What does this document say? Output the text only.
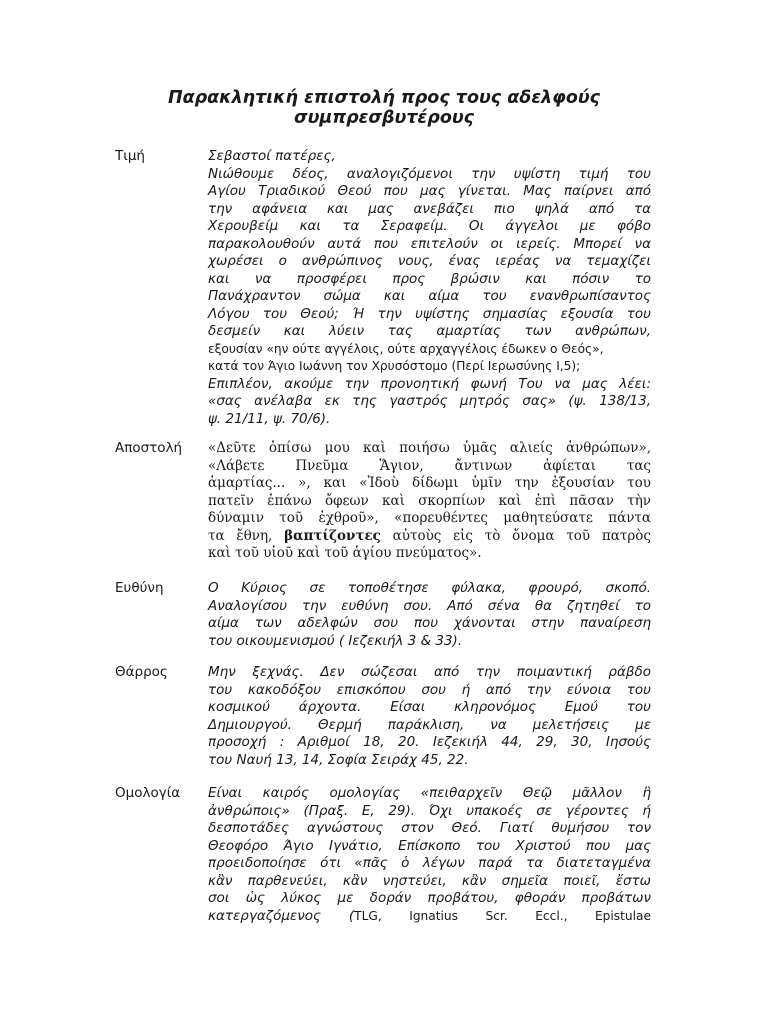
Παρακλητική επιστολή προς τους αδελφούς
συμπρεσβυτέρους
Τιμή	Σεβαστοί πατέρες,
Νιώθουμε δέος, αναλογιζόμενοι την υψίστη τιμή του
Αγίου Τριαδικού Θεού που μας γίνεται. Μας παίρνει από
την αφάνεια και μας ανεβάζει πιο ψηλά από τα
Χερουβείμ και τα Σεραφείμ. Οι άγγελοι με φόβο
παρακολουθούν αυτά που επιτελούν οι ιερείς. Μπορεί να
χωρέσει ο ανθρώπινος νους, ένας ιερέας να τεμαχίζει
και να προσφέρει προς βρώσιν και πόσιν το
Πανάχραντον σώμα και αίμα του ενανθρωπίσαντος
Λόγου του Θεού; Ή την υψίστης σημασίας εξουσία του
δεσμείν και λύειν τας αμαρτίας των ανθρώπων,
εξουσίαν «ην ούτε αγγέλοις, ούτε αρχαγγέλοις έδωκεν ο Θεός»,
κατά τον Άγιο Ιωάννη τον Χρυσόστομο (Περί Ιερωσύνης Ι,5);
Επιπλέον, ακούμε την προνοητική φωνή Του να μας λέει:
«σας ανέλαβα εκ της γαστρός μητρός σας» (ψ. 138/13,
ψ. 21/11, ψ. 70/6).
Αποστολή «Δεῦτε ὀπίσω μου καὶ ποιήσω ὑμᾶς αλιείς ἀνθρώπων»,
«Λάβετε Πνεῦμα Ἅγιον, ἄντινων ἀφίεται τας
ἁμαρτίας... », και «Ἰδοὺ δίδωμι ὑμῖν την ἐξουσίαν του
πατεῖν ἐπάνω ὄφεων καὶ σκορπίων καὶ ἐπὶ πᾶσαν τὴν
δύναμιν τοῦ ἐχθροῦ», «πορευθέντες μαθητεύσατε πάντα
τα ἔθνη, βαπτίζοντες αὐτοὺς εἰς τὸ ὄνομα τοῦ πατρὸς
καὶ τοῦ υἱοῦ καὶ τοῦ ἁγίου πνεύματος».
Ευθύνη	Ο Κύριος σε τοποθέτησε φύλακα, φρουρό, σκοπό.
Αναλογίσου την ευθύνη σου. Από σένα θα ζητηθεί το
αίμα των αδελφών σου που χάνονται στην παναίρεση
του οικουμενισμού ( Ιεζεκιήλ 3 & 33).
Θάρρος	Μην ξεχνάς. Δεν σώζεσαι από την ποιμαντική ράβδο
του κακοδόξου επισκόπου σου ή από την εύνοια του
κοσμικού άρχοντα. Είσαι κληρονόμος Εμού του
Δημιουργού. Θερμή παράκλιση, να μελετήσεις με
προσοχή : Αριθμοί 18, 20. Ιεζεκιήλ 44, 29, 30, Ιησούς
του Ναυή 13, 14, Σοφία Σειράχ 45, 22.
Ομολογία Είναι καιρός ομολογίας «πειθαρχεῖν Θεῷ μᾶλλον ἢ
ἀνθρώποις» (Πραξ. Ε, 29). Όχι υπακοές σε γέροντες ή
δεσποτάδες αγνώστους στον Θεό. Γιατί θυμήσου τον
Θεοφόρο Άγιο Ιγνάτιο, Επίσκοπο του Χριστού που μας
προειδοποίησε ότι «πᾶς ὁ λέγων παρά τα διατεταγμένα
κἂν παρθενεύει, κἂν νηστεύει, κἂν σημεῖα ποιεῖ, ἔστω
σοι ὡς λύκος με δοράν προβάτου, φθοράν προβάτων
κατεργαζόμενος (TLG, Ignatius Scr. Eccl., Epistulae
